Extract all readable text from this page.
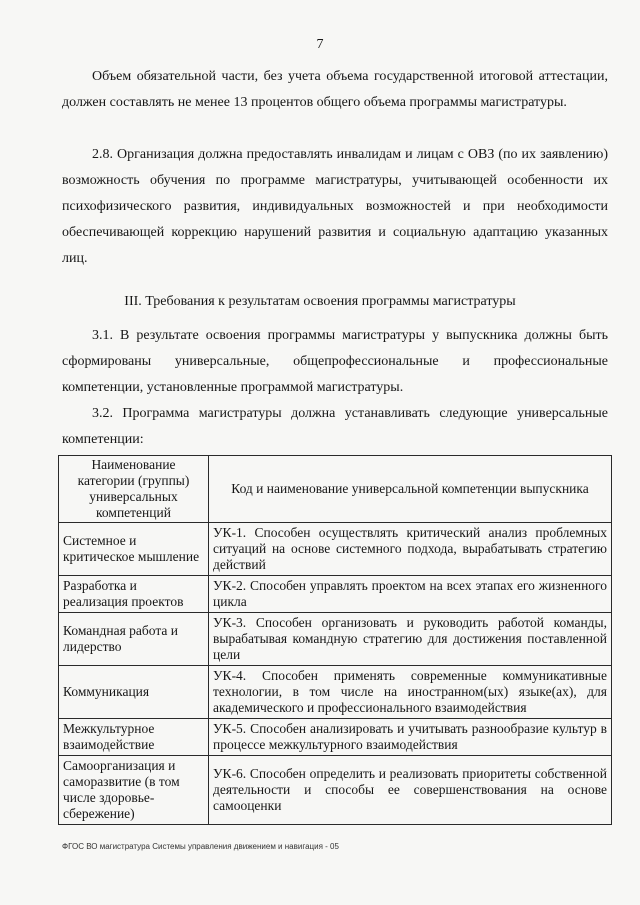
7
Объем обязательной части, без учета объема государственной итоговой аттестации, должен составлять не менее 13 процентов общего объема программы магистратуры.
2.8. Организация должна предоставлять инвалидам и лицам с ОВЗ (по их заявлению) возможность обучения по программе магистратуры, учитывающей особенности их психофизического развития, индивидуальных возможностей и при необходимости обеспечивающей коррекцию нарушений развития и социальную адаптацию указанных лиц.
III. Требования к результатам освоения программы магистратуры
3.1. В результате освоения программы магистратуры у выпускника должны быть сформированы универсальные, общепрофессиональные и профессиональные компетенции, установленные программой магистратуры.
3.2. Программа магистратуры должна устанавливать следующие универсальные компетенции:
Наименование категории (группы) универсальных компетенций	Код и наименование универсальной компетенции выпускника
Системное и критическое мышление	УК-1. Способен осуществлять критический анализ проблемных ситуаций на основе системного подхода, вырабатывать стратегию действий
Разработка и реализация проектов	УК-2. Способен управлять проектом на всех этапах его жизненного цикла
Командная работа и лидерство	УК-3. Способен организовать и руководить работой команды, вырабатывая командную стратегию для достижения поставленной цели
Коммуникация	УК-4. Способен применять современные коммуникативные технологии, в том числе на иностранном(ых) языке(ах), для академического и профессионального взаимодействия
Межкультурное взаимодействие	УК-5. Способен анализировать и учитывать разнообразие культур в процессе межкультурного взаимодействия
Самоорганизация и саморазвитие (в том числе здоровье-сбережение)	УК-6. Способен определить и реализовать приоритеты собственной деятельности и способы ее совершенствования на основе самооценки
ФГОС ВО магистратура Системы управления движением и навигация - 05
